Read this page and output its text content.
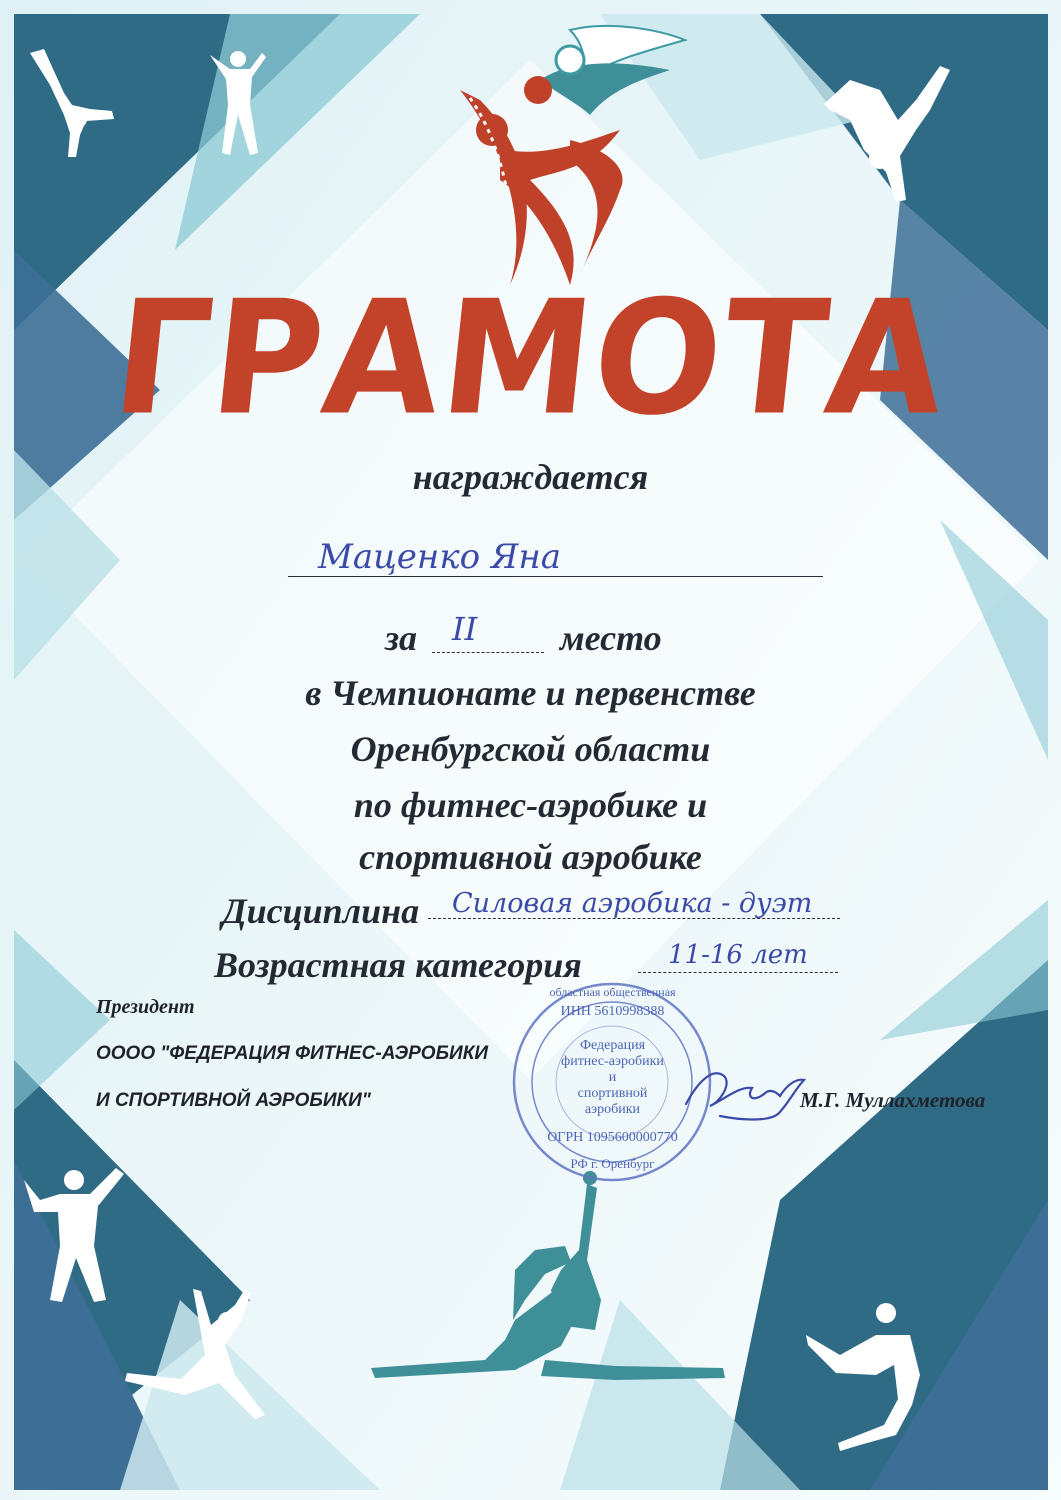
ГРАМОТА
награждается
Маценко Яна
за II место
в Чемпионате и первенстве
Оренбургской области
по фитнес-аэробике и
спортивной аэробике
Дисциплина Силовая аэробика - дуэт
Возрастная категория	11-16 лет
Президент
ОООО "ФЕДЕРАЦИЯ ФИТНЕС-АЭРОБИКИ
И СПОРТИВНОЙ АЭРОБИКИ"	М.Г. Муллахметова
областная общественная
ИНН 5610998388
Федерация
фитнес-аэробики
и
спортивной
аэробики
ОГРН 1095600000770
РФ г. Оренбург
